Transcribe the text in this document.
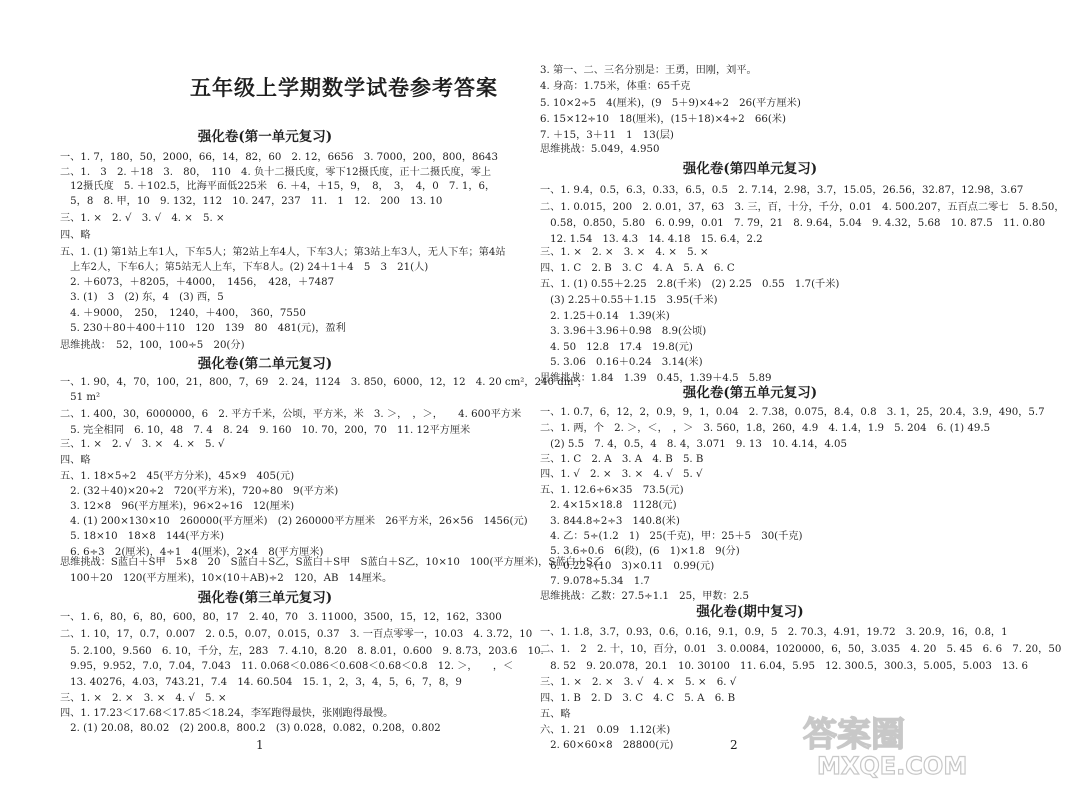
五年级上学期数学试卷参考答案
强化卷(第一单元复习)
一、1. 7，180，50，2000，66，14，82，60　2. 12，6656　3. 7000，200，800，8643
二、1.　3　2. ＋18　3.　80，　110　4. 负十二摄氏度，零下12摄氏度，正十二摄氏度，零上
　12摄氏度　5. ＋102.5，比海平面低225米　6. ＋4，＋15，9，　8，　3，　4，0　7. 1，6，
　5，8　8. 甲，10　9. 132，112　10. 247，237　11.　1　12.　200　13. 10
三、1. ×　2. √　3. √　4. ×　5. ×
四、略
五、1. (1) 第1站上车1人，下车5人；第2站上车4人，下车3人；第3站上车3人，无人下车；第4站
　上车2人，下车6人；第5站无人上车，下车8人。(2) 24＋1＋4　5　3　21(人)
　2. ＋6073，＋8205，＋4000，　1456，　428，＋7487
　3. (1)　3　(2) 东，4　(3) 西，5
　4. ＋9000，　250，　1240，＋400，　360，7550
　5. 230＋80＋400＋110　120　139　80　481(元)，盈利
思维挑战：　52，100，100÷5　20(分)
强化卷(第二单元复习)
一、1. 90，4，70，100，21，800，7，69　2. 24，1124　3. 850，6000，12，12　4. 20 cm²，240 dm²，
　51 m²
二、1. 400，30，6000000，6　2. 平方千米，公顷，平方米，米　3. ＞，　，＞，　　4. 600平方米
　5. 完全相同　6. 10，48　7. 4　8. 24　9. 160　10. 70，200，70　11. 12平方厘米
三、1. ×　2. √　3. ×　4. ×　5. √
四、略
五、1. 18×5÷2　45(平方分米)，45×9　405(元)
　2. (32＋40)×20÷2　720(平方米)，720÷80　9(平方米)
　3. 12×8　96(平方厘米)，96×2÷16　12(厘米)
　4. (1) 200×130×10　260000(平方厘米)　(2) 260000平方厘米　26平方米，26×56　1456(元)
　5. 18×10　18×8　144(平方米)
　6. 6÷3　2(厘米)，4÷1　4(厘米)，2×4　8(平方厘米)
思维挑战：S蓝白＋S甲　5×8　20　S蓝白＋S乙，S蓝白＋S甲　S蓝白＋S乙，10×10　100(平方厘米)，S蓝白＋S乙
　100＋20　120(平方厘米)，10×(10＋AB)÷2　120，AB　14厘米。
强化卷(第三单元复习)
一、1. 6，80，6，80，600，80，17　2. 40，70　3. 11000，3500，15，12，162，3300
二、1. 10，17，0.7，0.007　2. 0.5，0.07，0.015，0.37　3. 一百点零零一，10.03　4. 3.72，10
　5. 2.100，9.560　6. 10，千分，左，283　7. 4.10，8.20　8. 8.01，0.600　9. 8.73，203.6　10.
　9.95，9.952，7.0，7.04，7.043　11. 0.068＜0.086＜0.608＜0.68＜0.8　12. ＞，　　，＜
　13. 40276，4.03，743.21，7.4　14. 60.504　15. 1，2，3，4，5，6，7，8，9
三、1. ×　2. ×　3. ×　4. √　5. ×
四、1. 17.23＜17.68＜17.85＜18.24，李军跑得最快，张刚跑得最慢。
　2. (1) 20.08，80.02　(2) 200.8，800.2　(3) 0.028，0.082，0.208，0.802
1
3. 第一、二、三名分别是：王勇，田刚，刘平。
4. 身高：1.75米，体重：65千克
5. 10×2÷5　4(厘米)，(9　5＋9)×4÷2　26(平方厘米)
6. 15×12÷10　18(厘米)，(15＋18)×4÷2　66(米)
7. ＋15，3＋11　1　13(层)
思维挑战：5.049，4.950
强化卷(第四单元复习)
一、1. 9.4，0.5，6.3，0.33，6.5，0.5　2. 7.14，2.98，3.7，15.05，26.56，32.87，12.98，3.67
二、1. 0.015，200　2. 0.01，37，63　3. 三，百，十分，千分，0.01　4. 500.207，五百点二零七　5. 8.50，
　0.58，0.850，5.80　6. 0.99，0.01　7. 79，21　8. 9.64，5.04　9. 4.32，5.68　10. 87.5　11. 0.80
　12. 1.54　13. 4.3　14. 4.18　15. 6.4，2.2
三、1. ×　2. ×　3. ×　4. ×　5. ×
四、1. C　2. B　3. C　4. A　5. A　6. C
五、1. (1) 0.55＋2.25　2.8(千米)　(2) 2.25　0.55　1.7(千米)
　(3) 2.25＋0.55＋1.15　3.95(千米)
　2. 1.25＋0.14　1.39(米)
　3. 3.96＋3.96＋0.98　8.9(公顷)
　4. 50　12.8　17.4　19.8(元)
　5. 3.06　0.16＋0.24　3.14(米)
思维挑战：1.84　1.39　0.45，1.39＋4.5　5.89
强化卷(第五单元复习)
一、1. 0.7，6，12，2，0.9，9，1，0.04　2. 7.38，0.075，8.4，0.8　3. 1，25，20.4，3.9，490，5.7
二、1. 两，个　2. ＞，＜，　，＞　3. 560，1.8，260，4.9　4. 1.4，1.9　5. 204　6. (1) 49.5
　(2) 5.5　7. 4，0.5，4　8. 4，3.071　9. 13　10. 4.14，4.05
三、1. C　2. A　3. A　4. B　5. B
四、1. √　2. ×　3. ×　4. √　5. √
五、1. 12.6÷6×35　73.5(元)
　2. 4×15×18.8　1128(元)
　3. 844.8÷2÷3　140.8(米)
　4. 乙：5÷(1.2　1)　25(千克)，甲：25＋5　30(千克)
　5. 3.6÷0.6　6(段)，(6　1)×1.8　9(分)
　6. 0.22÷(10　3)×0.11　0.99(元)
　7. 9.078÷5.34　1.7
思维挑战：乙数：27.5÷1.1　25，甲数：2.5
强化卷(期中复习)
一、1. 1.8，3.7，0.93，0.6，0.16，9.1，0.9，5　2. 70.3，4.91，19.72　3. 20.9，16，0.8，1
二、1.　2　2. 十，10，百分，0.01　3. 0.0084，1020000，6，50，3.035　4. 20　5. 45　6. 6　7. 20，50
　8. 52　9. 20.078，20.1　10. 30100　11. 6.04，5.95　12. 300.5，300.3，5.005，5.003　13. 6
三、1. ×　2. ×　3. √　4. ×　5. ×　6. √
四、1. B　2. D　3. C　4. C　5. A　6. B
五、略
六、1. 21　0.09　1.12(米)
　2. 60×60×8　28800(元)	2 答案圈
MXQE.COM
